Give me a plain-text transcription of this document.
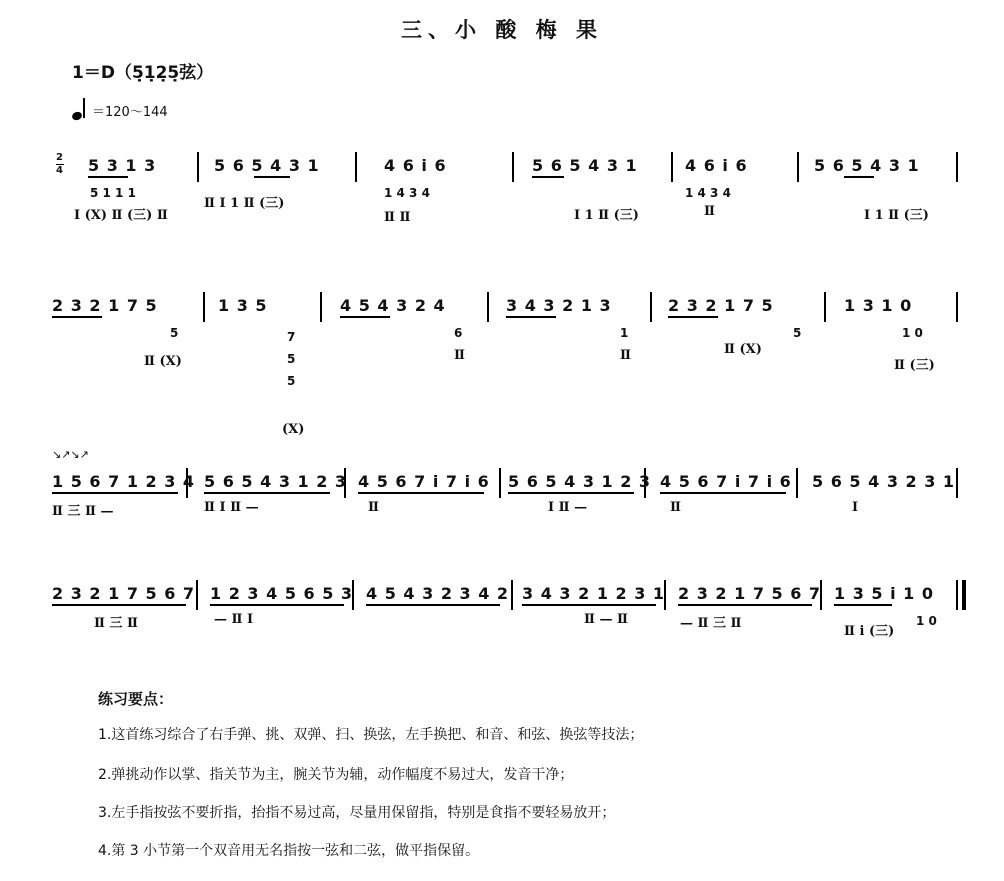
三、小 酸 梅 果
1＝D（5̣1̣2̣5̣弦）
＝120～144
2
4 5 3 1 3	5 6 5 4 3 1	4 6 i 6	5 6 5 4 3 1	4 6 i 6	5 6 5 4 3 1
5 1 1 1	1 4 3 4	1 4 3 4
Ⅰ (X) Ⅱ (三) Ⅱ
Ⅱ Ⅰ 1 Ⅱ (三)
Ⅱ Ⅱ	Ⅰ 1 Ⅱ (三)	Ⅱ	Ⅰ 1 Ⅱ (三)
2 3 2 1 7 5	1 3 5	4 5 4 3 2 4	3 4 3 2 1 3	2 3 2 1 7 5	1 3 1 0
5	7 5 5
6	1	5	1 0
Ⅱ (X)
(X)
Ⅱ	Ⅱ	Ⅱ (X)
Ⅱ (三)
↘↗↘↗
1 5 6 7 1 2 3 4 5 6 5 4 3 1 2 3 4 5 6 7 i 7 i 6 5 6 5 4 3 1 2 3 4 5 6 7 i 7 i 6 5 6 5 4 3 2 3 1
Ⅱ 三 Ⅱ —	Ⅱ Ⅰ Ⅱ —	Ⅱ	Ⅰ Ⅱ —	Ⅱ	Ⅰ
2 3 2 1 7 5 6 7 1 2 3 4 5 6 5 3 4 5 4 3 2 3 4 2 3 4 3 2 1 2 3 1 2 3 2 1 7 5 6 7 1 3 5 i 1 0
1 0
Ⅱ 三 Ⅱ	— Ⅱ Ⅰ	Ⅱ — Ⅱ	— Ⅱ 三 Ⅱ
Ⅱ i (三)
练习要点：
1.这首练习综合了右手弹、挑、双弹、扫、换弦，左手换把、和音、和弦、换弦等技法；
2.弹挑动作以掌、指关节为主，腕关节为辅，动作幅度不易过大，发音干净；
3.左手指按弦不要折指，抬指不易过高，尽量用保留指，特别是食指不要轻易放开；
4.第 3 小节第一个双音用无名指按一弦和二弦，做平指保留。
